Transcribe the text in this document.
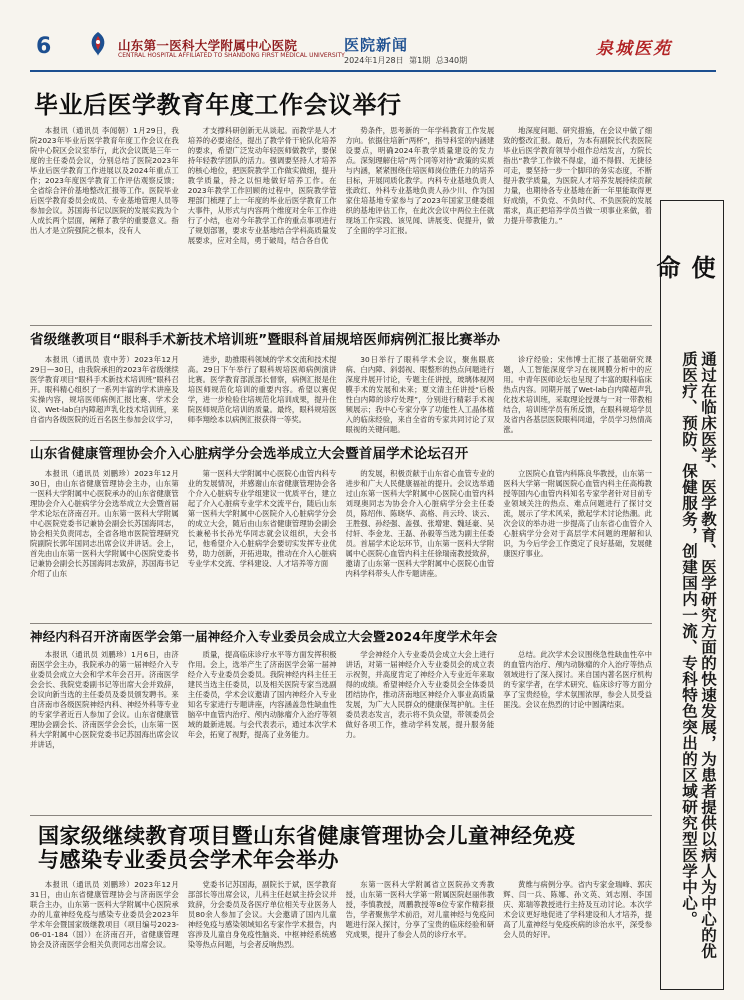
6	山东第一医科大学附属中心医院
CENTRAL HOSPITAL AFFILIATED TO SHANDONG FIRST MEDICAL UNIVERSITY
医院新闻
2024年1月28日 第1期 总340期
泉城医苑
毕业后医学教育年度工作会议举行

本报讯（通讯员 李闻朝）1月29日，我院2023年毕业后医学教育年度工作会议在我院中心院区会议室举行，此次会议既是三年一度的主任委员会议，分别总结了医院2023年毕业后医学教育工作进展以及2024年重点工作；2023年度医学教育工作评估观察反馈；全省综合评价基地整改汇报等工作。医院毕业后医学教育委员会成员、专业基地管理人员等参加会议。苏国海书记以医院的发展实践为个人成长两个层面，阐释了教学的重要意义。指出人才是立院强院之根本，没有人

才支撑科研创新无从谈起。而教学是人才培养的必要途径，提出了教学骨干轮队化培养的要求，希望广泛发动年轻医师做教学，要保持年轻教学团队的活力。强调要坚持人才培养的核心地位，把医院教学工作做实做细，提升教学质量，持之以恒地做好培养工作。在2023年教学工作回顾的过程中，医院教学管理部门梳理了上一年度的毕业后医学教育工作大事件，从形式与内容两个维度对全年工作进行了小结，也对今年教学工作的重点事项进行了规划部署，要求专业基地结合学科高质量发展要求，应对全局，勇于破局，结合各自优

势条件，思考新的一年学科教育工作发展方向。依据住培新“两杯”，指导科室的内涵建设要点，明确2024年教学质量建设的发力点。深刻理解住培“两个同等对待”政策的实质与内涵，紧紧围绕住培医师岗位胜任力的培养目标，开展同质化教学。内科专业基地负责人张政红、外科专业基地负责人孙少川、作为国家住培基地专家参与了2023年国家卫健委组织的基地评估工作，在此次会议中两位主任就现场工作实践、该见闻、讲展变、促提升，做了全面的学习汇报。

地深度问题、研究措施，在会议中做了细致的整改汇报。最后，为本有副院长代表医院毕业后医学教育领导小组作总结发言，方院长指出“教学工作做不得虚，道不得假、无捷径可走，要坚持一步一个脚印的务实态度，不断提升教学质量，为医院人才培养发展持续贡献力量，也期待各专业基地在新一年里能取得更好成绩，不负党、不负时代、不负医院的发展需求，真正把培养学员当做一项事业来做，着力提升带教能力。”

省级继教项目“眼科手术新技术培训班”暨眼科首届规培医师病例汇报比赛举办

本报讯（通讯员 袁中芳）2023年12月29日—30日，由我院承担的2023年省级继续医学教育项目“眼科手术新技术培训班”眼科召开。眼科精心组织了一系列丰富的学术讲座及实操内容，规培医师病例汇报比赛、学术会议、Wet-lab白内障超声乳化技术培训班，来自省内各级医院的近百名医生参加会议学习，

进步，助推眼科领域的学术交流和技术提高。29日下午举行了眼科规培医师病例演讲比赛。医学教育部派部长督察，病例汇报是住培医师规范化培训的重要内容。希望以赛促学，进一步检验住培规范化培训成果，提升住院医师规范化培训的质量。最终，眼科规培医师李翔绘本以病例汇报获得一等奖。

30日举行了眼科学术会议，聚焦眼底病、白内障、斜弱视、眼整形的热点问题进行深度并展开讨论，专题主任讲授，玻璃体视网膜手术的发展和未来；夏文清主任讲授“后极性白内障的诊疗处理”，分别进行精彩手术视频展示；我中心专家分享了功能性人工晶体植入的临床经验，来自全省的专家共同讨论了双眼视的关键问题。

诊疗经验；宋伟博士汇报了基础研究课题，人工智能深度学习在视网膜分析中的应用。中青年医师论坛也呈现了丰富的眼科临床热点内容。同期开展了Wet-lab白内障超声乳化技术培训班，采取理论授课与一对一带教相结合，培训班学员有所反馈，在眼科规培学员及省内各基层医院眼科同道，学员学习热情高涨。

山东省健康管理协会介入心脏病学分会选举成立大会暨首届学术论坛召开

本报讯（通讯员 刘鹏珍）2023年12月30日，由山东省健康管理协会主办，山东第一医科大学附属中心医院承办的山东省健康管理协会介入心脏病学分会选举成立大会暨首届学术论坛在济南召开。山东第一医科大学附属中心医院党委书记兼协会副会长苏国海同志，协会相关负责同志，全省各地市医院管理研究院副院长郭年国同志出席会议并讲话。会上，首先由山东第一医科大学附属中心医院党委书记兼协会副会长苏国海同志致辞，苏国海书记介绍了山东

第一医科大学附属中心医院心血管内科专业的发展情况，并感谢山东省健康管理协会各个介入心脏病专业学组建议一优质平台，建立起了介入心脏病专业学术交流平台，随后山东第一医科大学附属中心医院介入心脏病学分会的成立大会，随后由山东省健康管理协会副会长兼秘书长孙光华同志就会议组织，大会书记，他希望介入心脏病学会要切实发挥专业优势，助力创新，开拓进取，推动在介入心脏病专业学术交流、学科建设、人才培养等方面

的发展，积极贡献于山东省心血管专业的进步和广大人民健康福祉的提升。会议选举通过山东第一医科大学附属中心医院心血管内科刘现奥同志为协会介入心脏病学分会主任委员，陈绍伟、陈晓华、高格、肖云玲、谈云、王胜强、孙经强、盖强、张增建、魏延豪、吴付轩、李金龙、王磊、孙毅等当选为副主任委员。首届学术论坛环节，山东第一医科大学附属中心医院心血管内科主任徐瑞南教授致辞，邀请了山东第一医科大学附属中心医院心血管内科学科带头人作专题讲座。

立医院心血管内科陈良华教授，山东第一医科大学第一附属医院心血管内科主任高梅教授等国内心血管内科知名专家学者针对目前专业领域关注的热点、难点问题进行了探讨交流，展示了学术风采，掀起学术讨论热潮。此次会议的举办进一步提高了山东省心血管介入心脏病学分会对于高层学术问题的理解和认识，为今后学会工作奠定了良好基础，发展健康医疗事业。

神经内科召开济南医学会第一届神经介入专业委员会成立大会暨2024年度学术年会

本报讯（通讯员 刘鹏珍）1月6日，由济南医学会主办，我院承办的第一届神经介入专业委员会成立大会和学术年会召开。济南医学会会长、我院党委副书记等出席大会并致辞，会议向新当选的主任委员及委员颁发聘书。来自济南市各级医院神经内科、神经外科等专业的专家学者近百人参加了会议。山东省健康管理协会副会长、济南医学会会长，山东第一医科大学附属中心医院党委书记苏国海出席会议并讲话，

质量，提高临床诊疗水平等方面发挥积极作用。会上，选举产生了济南医学会第一届神经介入专业委员会委员。我院神经内科主任王建民当选主任委员，以及相关医院专家当选副主任委员，学术会议邀请了国内神经介入专业知名专家进行专题讲座，内容涵盖急性缺血性脑卒中血管内治疗、颅内动脉瘤介入治疗等领域的最新进展。与会代表表示，通过本次学术年会，拓宽了视野，提高了业务能力。

学会神经介入专业委员会成立大会上进行讲话，对第一届神经介入专业委员会的成立表示祝贺，并高度肯定了神经介入专业近年来取得的成绩。希望神经介入专业委员会全体委员团结协作，推动济南地区神经介入事业高质量发展，为广大人民群众的健康保驾护航。主任委员表态发言，表示将不负众望，带领委员会做好各项工作，推动学科发展，提升服务能力。

总结。此次学术会议围绕急性缺血性卒中的血管内治疗、颅内动脉瘤的介入治疗等热点领域进行了深入探讨。来自国内著名医疗机构的专家学者，在学术研究、临床诊疗等方面分享了宝贵经验，学术氛围浓厚，参会人员受益匪浅。会议在热烈的讨论中圆满结束。

国家级继续教育项目暨山东省健康管理协会儿童神经免疫与感染专业委员会学术年会举办

本报讯（通讯员 刘鹏珍）2023年12月31日，由山东省健康管理协会与济南医学会联合主办，山东第一医科大学附属中心医院承办的儿童神经免疫与感染专业委员会2023年学术年会暨国家级继教项目（项目编号2023-06-01-184（国））在济南召开，省健康管理协会及济南医学会相关负责同志出席会议。

党委书记苏国海，副院长于斌，医学教育部部长等出席会议，儿科主任赵斌主持会议并致辞，分会委员及各医疗单位相关专业医务人员80余人参加了会议。大会邀请了国内儿童神经免疫与感染领域知名专家作学术报告，内容涉及儿童自身免疫性脑炎、中枢神经系统感染等热点问题，与会者反响热烈。

东第一医科大学附属省立医院孙文秀教授，山东第一医科大学第一附属医院赵丽伟教授，李慎教授，周鹏教授等8位专家作精彩报告，学者聚焦学术前沿，对儿童神经与免疫问题进行深入探讨，分享了宝贵的临床经验和研究成果，提升了参会人员的诊疗水平。

黄维与病例分享。省内专家金瑞峰、郭庆辉、闫一兵、陈娜、孙文英、刘志刚、李国庆、郑瑞等教授进行主持及互动讨论。本次学术会议更好地促进了学科建设和人才培养，提高了儿童神经与免疫疾病的诊治水平，深受参会人员的好评。

使命
通过在临床医学、医学教育、医学研究方面的快速发展，为患者提供以病人为中心的优质医疗、预防、保健服务，创建国内一流、专科特色突出的区域研究型医学中心。
